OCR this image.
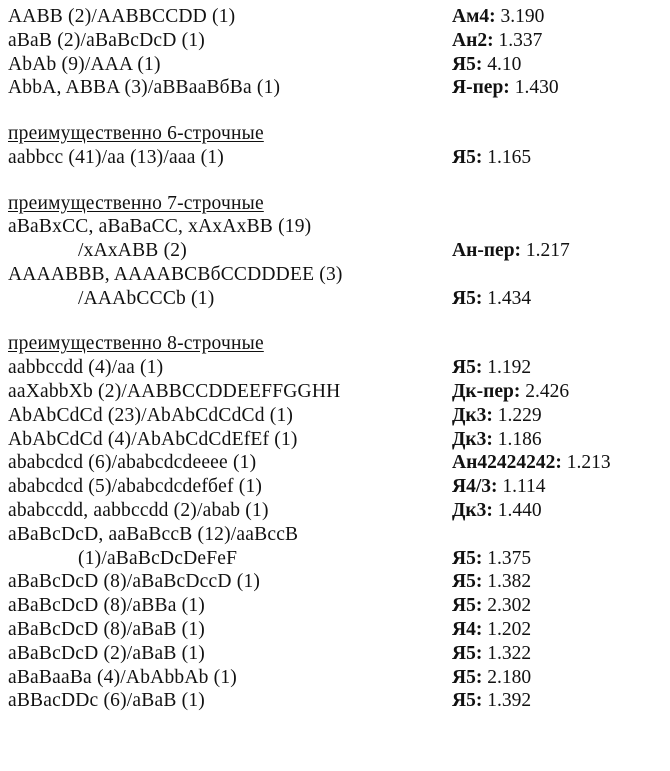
AABB (2)/AABBCCDD (1)	Ам4: 3.190
aBaB (2)/aBaBcDcD (1)	Ан2: 1.337
AbAb (9)/AAA (1)	Я5: 4.10
AbbA, ABBA (3)/aBBaaBбBa (1)	Я-пер: 1.430
преимущественно 6-строчные
aabbcc (41)/aa (13)/aaa (1)	Я5: 1.165
преимущественно 7-строчные
aBaBxCC, aBaBaCC, xAxAxBB (19)
/xAxABB (2)	Ан-пер: 1.217
AAAABBB, AAAABCBбCCDDDEE (3)
/AAAbCCCb (1)	Я5: 1.434
преимущественно 8-строчные
aabbccdd (4)/aa (1)	Я5: 1.192
aaXabbXb (2)/AABBCCDDEEFFGGHH	Дк-пер: 2.426
AbAbCdCd (23)/AbAbCdCdCd (1)	Дк3: 1.229
AbAbCdCd (4)/AbAbCdCdEfEf (1)	Дк3: 1.186
ababcdcd (6)/ababcdcdeeee (1)	Ан42424242: 1.213
ababcdcd (5)/ababcdcdefбef (1)	Я4/3: 1.114
ababccdd, aabbccdd (2)/abab (1)	Дк3: 1.440
aBaBcDcD, aaBaBccB (12)/aaBccB
(1)/aBaBcDcDeFeF	Я5: 1.375
aBaBcDcD (8)/aBaBcDccD (1)	Я5: 1.382
aBaBcDcD (8)/aBBa (1)	Я5: 2.302
aBaBcDcD (8)/aBaB (1)	Я4: 1.202
aBaBcDcD (2)/aBaB (1)	Я5: 1.322
aBaBaaBa (4)/AbAbbAb (1)	Я5: 2.180
aBBacDDc (6)/aBaB (1)	Я5: 1.392
